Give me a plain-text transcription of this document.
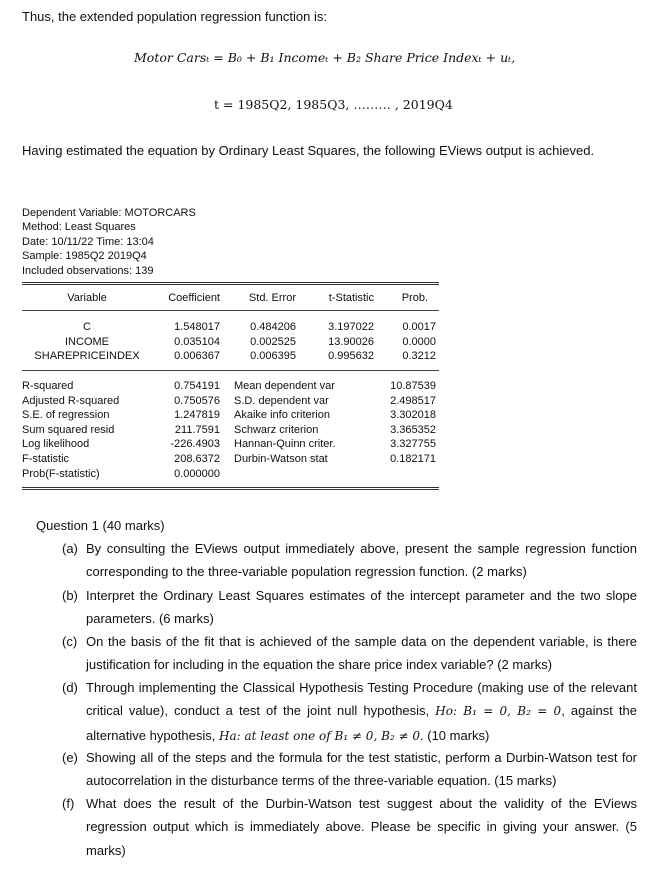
Thus, the extended population regression function is:
Motor Carsₜ = B₀ + B₁ Incomeₜ + B₂ Share Price Indexₜ + uₜ,
t = 1985Q2, 1985Q3, ……… , 2019Q4
Having estimated the equation by Ordinary Least Squares, the following EViews output is achieved.
Dependent Variable: MOTORCARS
Method: Least Squares
Date: 10/11/22 Time: 13:04
Sample: 1985Q2 2019Q4
Included observations: 139
Variable	Coefficient	Std. Error	t-Statistic	Prob.
C	1.548017	0.484206	3.197022	0.0017
INCOME	0.035104	0.002525	13.90026	0.0000
SHAREPRICEINDEX	0.006367	0.006395	0.995632	0.3212
R-squared	0.754191 Mean dependent var	10.87539
Adjusted R-squared	0.750576 S.D. dependent var	2.498517
S.E. of regression	1.247819 Akaike info criterion	3.302018
Sum squared resid	211.7591 Schwarz criterion	3.365352
Log likelihood	-226.4903 Hannan-Quinn criter.	3.327755
F-statistic	208.6372 Durbin-Watson stat	0.182171
Prob(F-statistic)	0.000000
Question 1 (40 marks)
(a) By consulting the EViews output immediately above, present the sample regression function corresponding to the three-variable population regression function. (2 marks)
(b) Interpret the Ordinary Least Squares estimates of the intercept parameter and the two slope parameters. (6 marks)
(c) On the basis of the fit that is achieved of the sample data on the dependent variable, is there justification for including in the equation the share price index variable? (2 marks)
(d) Through implementing the Classical Hypothesis Testing Procedure (making use of the relevant critical value), conduct a test of the joint null hypothesis, Ho: B₁ = 0, B₂ = 0, against the alternative hypothesis, Ha: at least one of B₁ ≠ 0, B₂ ≠ 0. (10 marks)
(e) Showing all of the steps and the formula for the test statistic, perform a Durbin-Watson test for autocorrelation in the disturbance terms of the three-variable equation. (15 marks)
(f) What does the result of the Durbin-Watson test suggest about the validity of the EViews regression output which is immediately above. Please be specific in giving your answer. (5 marks)
